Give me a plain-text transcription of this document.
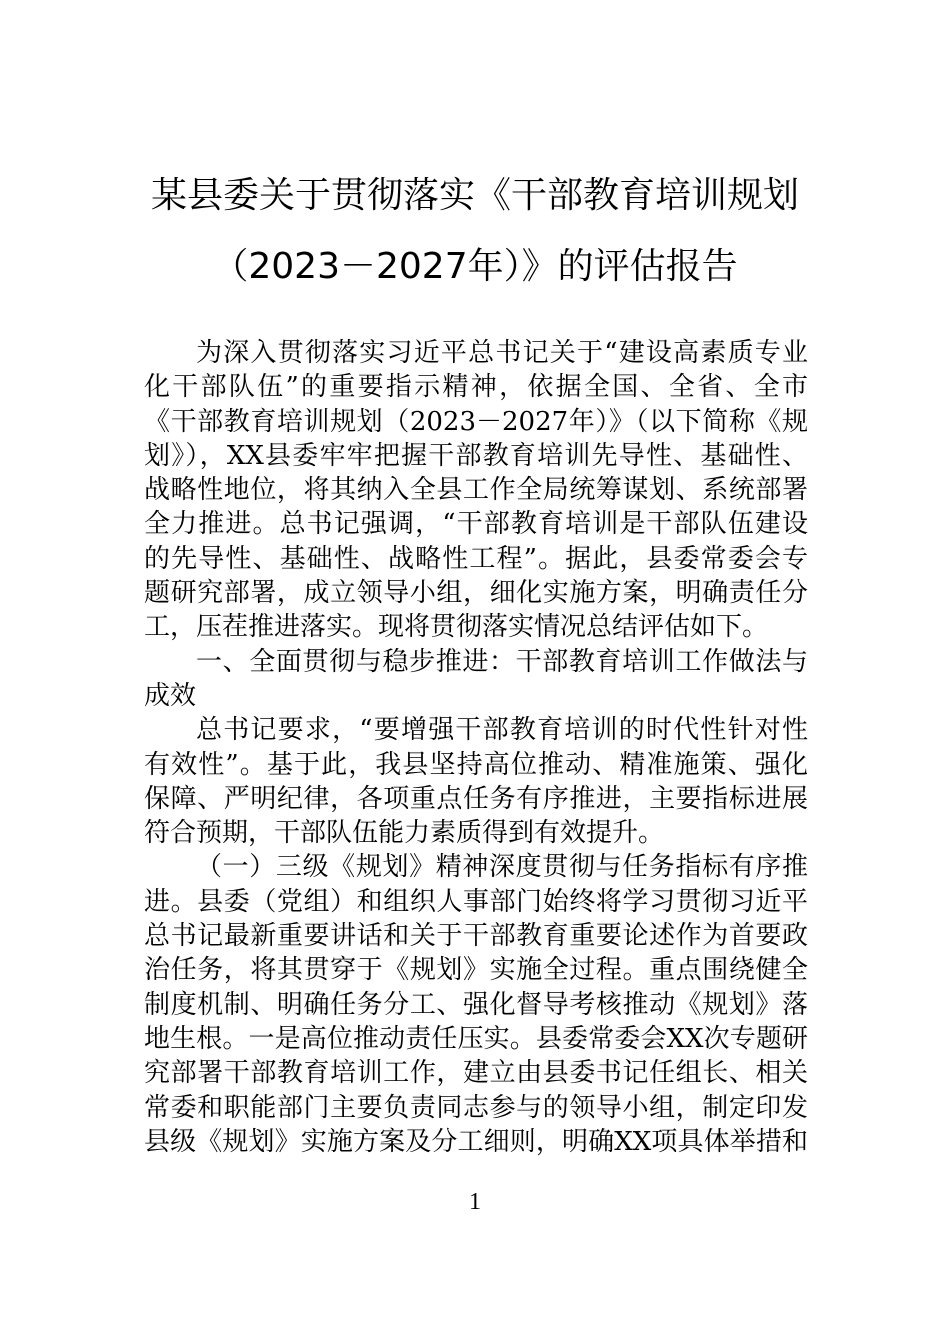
某县委关于贯彻落实《干部教育培训规划
（2023－2027年）》的评估报告
为深入贯彻落实习近平总书记关于“建设高素质专业
化干部队伍”的重要指示精神，依据全国、全省、全市
《干部教育培训规划（2023－2027年）》（以下简称《规
划》），XX县委牢牢把握干部教育培训先导性、基础性、
战略性地位，将其纳入全县工作全局统筹谋划、系统部署
全力推进。总书记强调，“干部教育培训是干部队伍建设
的先导性、基础性、战略性工程”。据此，县委常委会专
题研究部署，成立领导小组，细化实施方案，明确责任分
工，压茬推进落实。现将贯彻落实情况总结评估如下。
一、全面贯彻与稳步推进：干部教育培训工作做法与
成效
总书记要求，“要增强干部教育培训的时代性针对性
有效性”。基于此，我县坚持高位推动、精准施策、强化
保障、严明纪律，各项重点任务有序推进，主要指标进展
符合预期，干部队伍能力素质得到有效提升。
（一）三级《规划》精神深度贯彻与任务指标有序推
进。县委（党组）和组织人事部门始终将学习贯彻习近平
总书记最新重要讲话和关于干部教育重要论述作为首要政
治任务，将其贯穿于《规划》实施全过程。重点围绕健全
制度机制、明确任务分工、强化督导考核推动《规划》落
地生根。一是高位推动责任压实。县委常委会XX次专题研
究部署干部教育培训工作，建立由县委书记任组长、相关
常委和职能部门主要负责同志参与的领导小组，制定印发
县级《规划》实施方案及分工细则，明确XX项具体举措和
1
